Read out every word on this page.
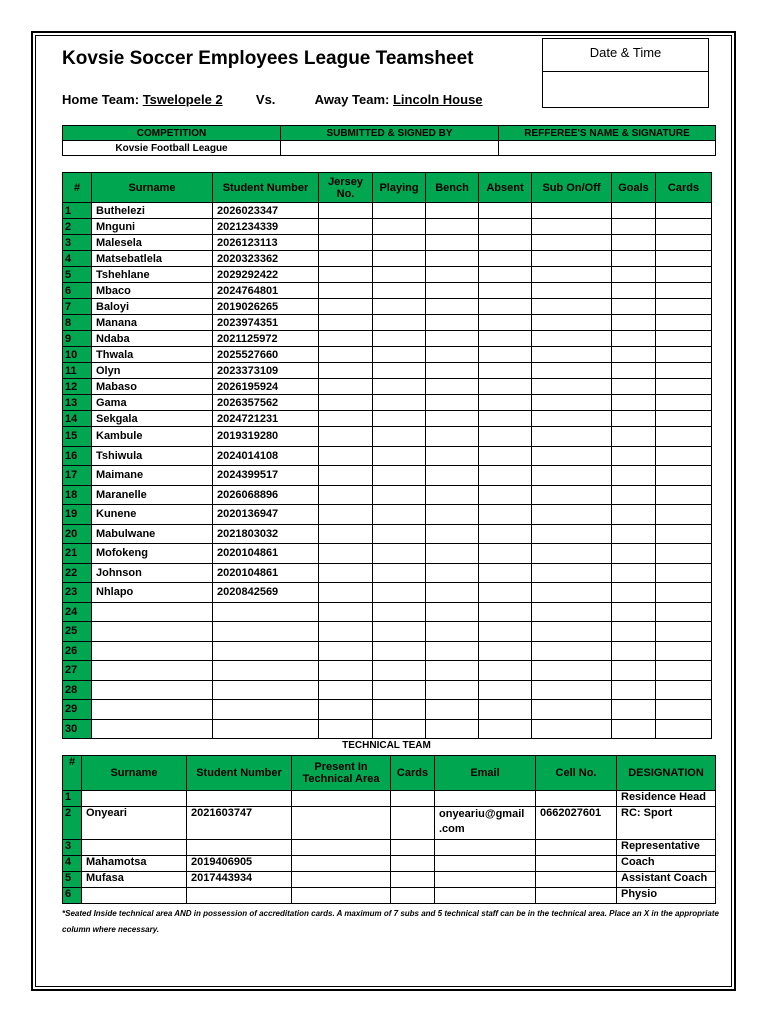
Kovsie Soccer Employees League Teamsheet	Date & Time
Home Team: Tswelopele 2	Vs.	Away Team: Lincoln House
COMPETITION	SUBMITTED & SIGNED BY	REFFEREE'S NAME & SIGNATURE
Kovsie Football League		
#	Surname	Student Number	Jersey No.	Playing	Bench	Absent	Sub On/Off	Goals	Cards
1	Buthelezi	2026023347							
2	Mnguni	2021234339							
3	Malesela	2026123113							
4	Matsebatlela	2020323362							
5	Tshehlane	2029292422							
6	Mbaco	2024764801							
7	Baloyi	2019026265							
8	Manana	2023974351							
9	Ndaba	2021125972							
10	Thwala	2025527660							
11	Olyn	2023373109							
12	Mabaso	2026195924							
13	Gama	2026357562							
14	Sekgala	2024721231							
15	Kambule	2019319280							
16	Tshiwula	2024014108							
17	Maimane	2024399517							
18	Maranelle	2026068896							
19	Kunene	2020136947							
20	Mabulwane	2021803032							
21	Mofokeng	2020104861							
22	Johnson	2020104861							
23	Nhlapo	2020842569							
24									
25									
26									
27									
28									
29									
30									
TECHNICAL TEAM
#	Surname	Student Number	Present In Technical Area	Cards	Email	Cell No.	DESIGNATION
1							Residence Head
2	Onyeari	2021603747			onyeariu@gmail .com	0662027601	RC: Sport
3							Representative
4	Mahamotsa	2019406905					Coach
5	Mufasa	2017443934					Assistant Coach
6							Physio
*Seated Inside technical area AND in possession of accreditation cards. A maximum of 7 subs and 5 technical staff can be in the technical area. Place an X in the appropriate column where necessary.
